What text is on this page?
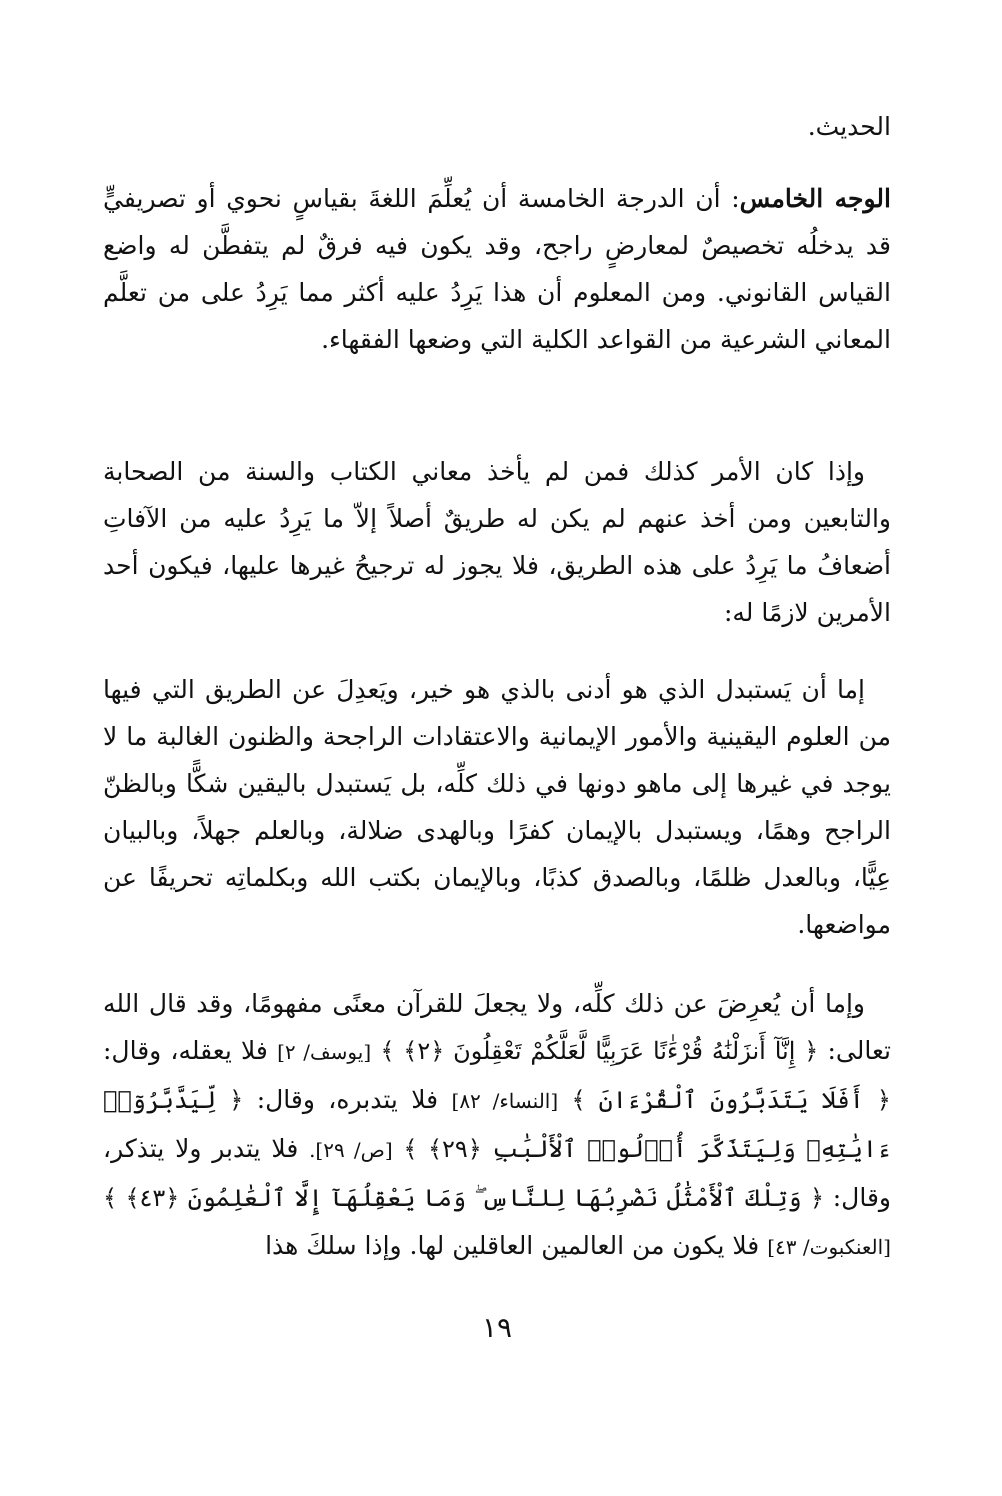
الحديث.

الوجه الخامس: أن الدرجة الخامسة أن يُعلِّمَ اللغةَ بقياسٍ نحوي أو تصريفيٍّ قد يدخلُه تخصيصٌ لمعارضٍ راجح، وقد يكون فيه فرقٌ لم يتفطَّن له واضع القياس القانوني. ومن المعلوم أن هذا يَرِدُ عليه أكثر مما يَرِدُ على من تعلَّم المعاني الشرعية من القواعد الكلية التي وضعها الفقهاء.

وإذا كان الأمر كذلك فمن لم يأخذ معاني الكتاب والسنة من الصحابة والتابعين ومن أخذ عنهم لم يكن له طريقٌ أصلاً إلاّ ما يَرِدُ عليه من الآفاتِ أضعافُ ما يَرِدُ على هذه الطريق، فلا يجوز له ترجيحُ غيرها عليها، فيكون أحد الأمرين لازمًا له:

إما أن يَستبدل الذي هو أدنى بالذي هو خير، ويَعدِلَ عن الطريق التي فيها من العلوم اليقينية والأمور الإيمانية والاعتقادات الراجحة والظنون الغالبة ما لا يوجد في غيرها إلى ماهو دونها في ذلك كلِّه، بل يَستبدل باليقين شكًّا وبالظنّ الراجح وهمًا، ويستبدل بالإيمان كفرًا وبالهدى ضلالة، وبالعلم جهلاً، وبالبيان عِيًّا، وبالعدل ظلمًا، وبالصدق كذبًا، وبالإيمان بكتب الله وبكلماتِه تحريفًا عن مواضعها.

وإما أن يُعرِضَ عن ذلك كلِّه، ولا يجعلَ للقرآن معنًى مفهومًا، وقد قال الله تعالى: ﴿ إِنَّآ أَنزَلْنَٰهُ قُرْءَٰنًا عَرَبِيًّا لَّعَلَّكُمْ تَعْقِلُونَ ﴿٢﴾ ﴾ [يوسف/ ٢] فلا يعقله، وقال: ﴿ أَفَلَا يَتَدَبَّرُونَ ٱلْقُرْءَانَ ﴾ [النساء/ ٨٢] فلا يتدبره، وقال: ﴿ لِّيَدَّبَّرُوٓا۟ ءَايَٰتِهِۦ وَلِيَتَذَكَّرَ أُو۟لُوا۟ ٱلْأَلْبَٰبِ ﴿٢٩﴾ ﴾ [ص/ ٢٩]. فلا يتدبر ولا يتذكر، وقال: ﴿ وَتِلْكَ ٱلْأَمْثَٰلُ نَضْرِبُهَا لِلنَّاسِ ۖ وَمَا يَعْقِلُهَآ إِلَّا ٱلْعَٰلِمُونَ ﴿٤٣﴾ ﴾ [العنكبوت/ ٤٣] فلا يكون من العالمين العاقلين لها. وإذا سلكَ هذا

١٩
